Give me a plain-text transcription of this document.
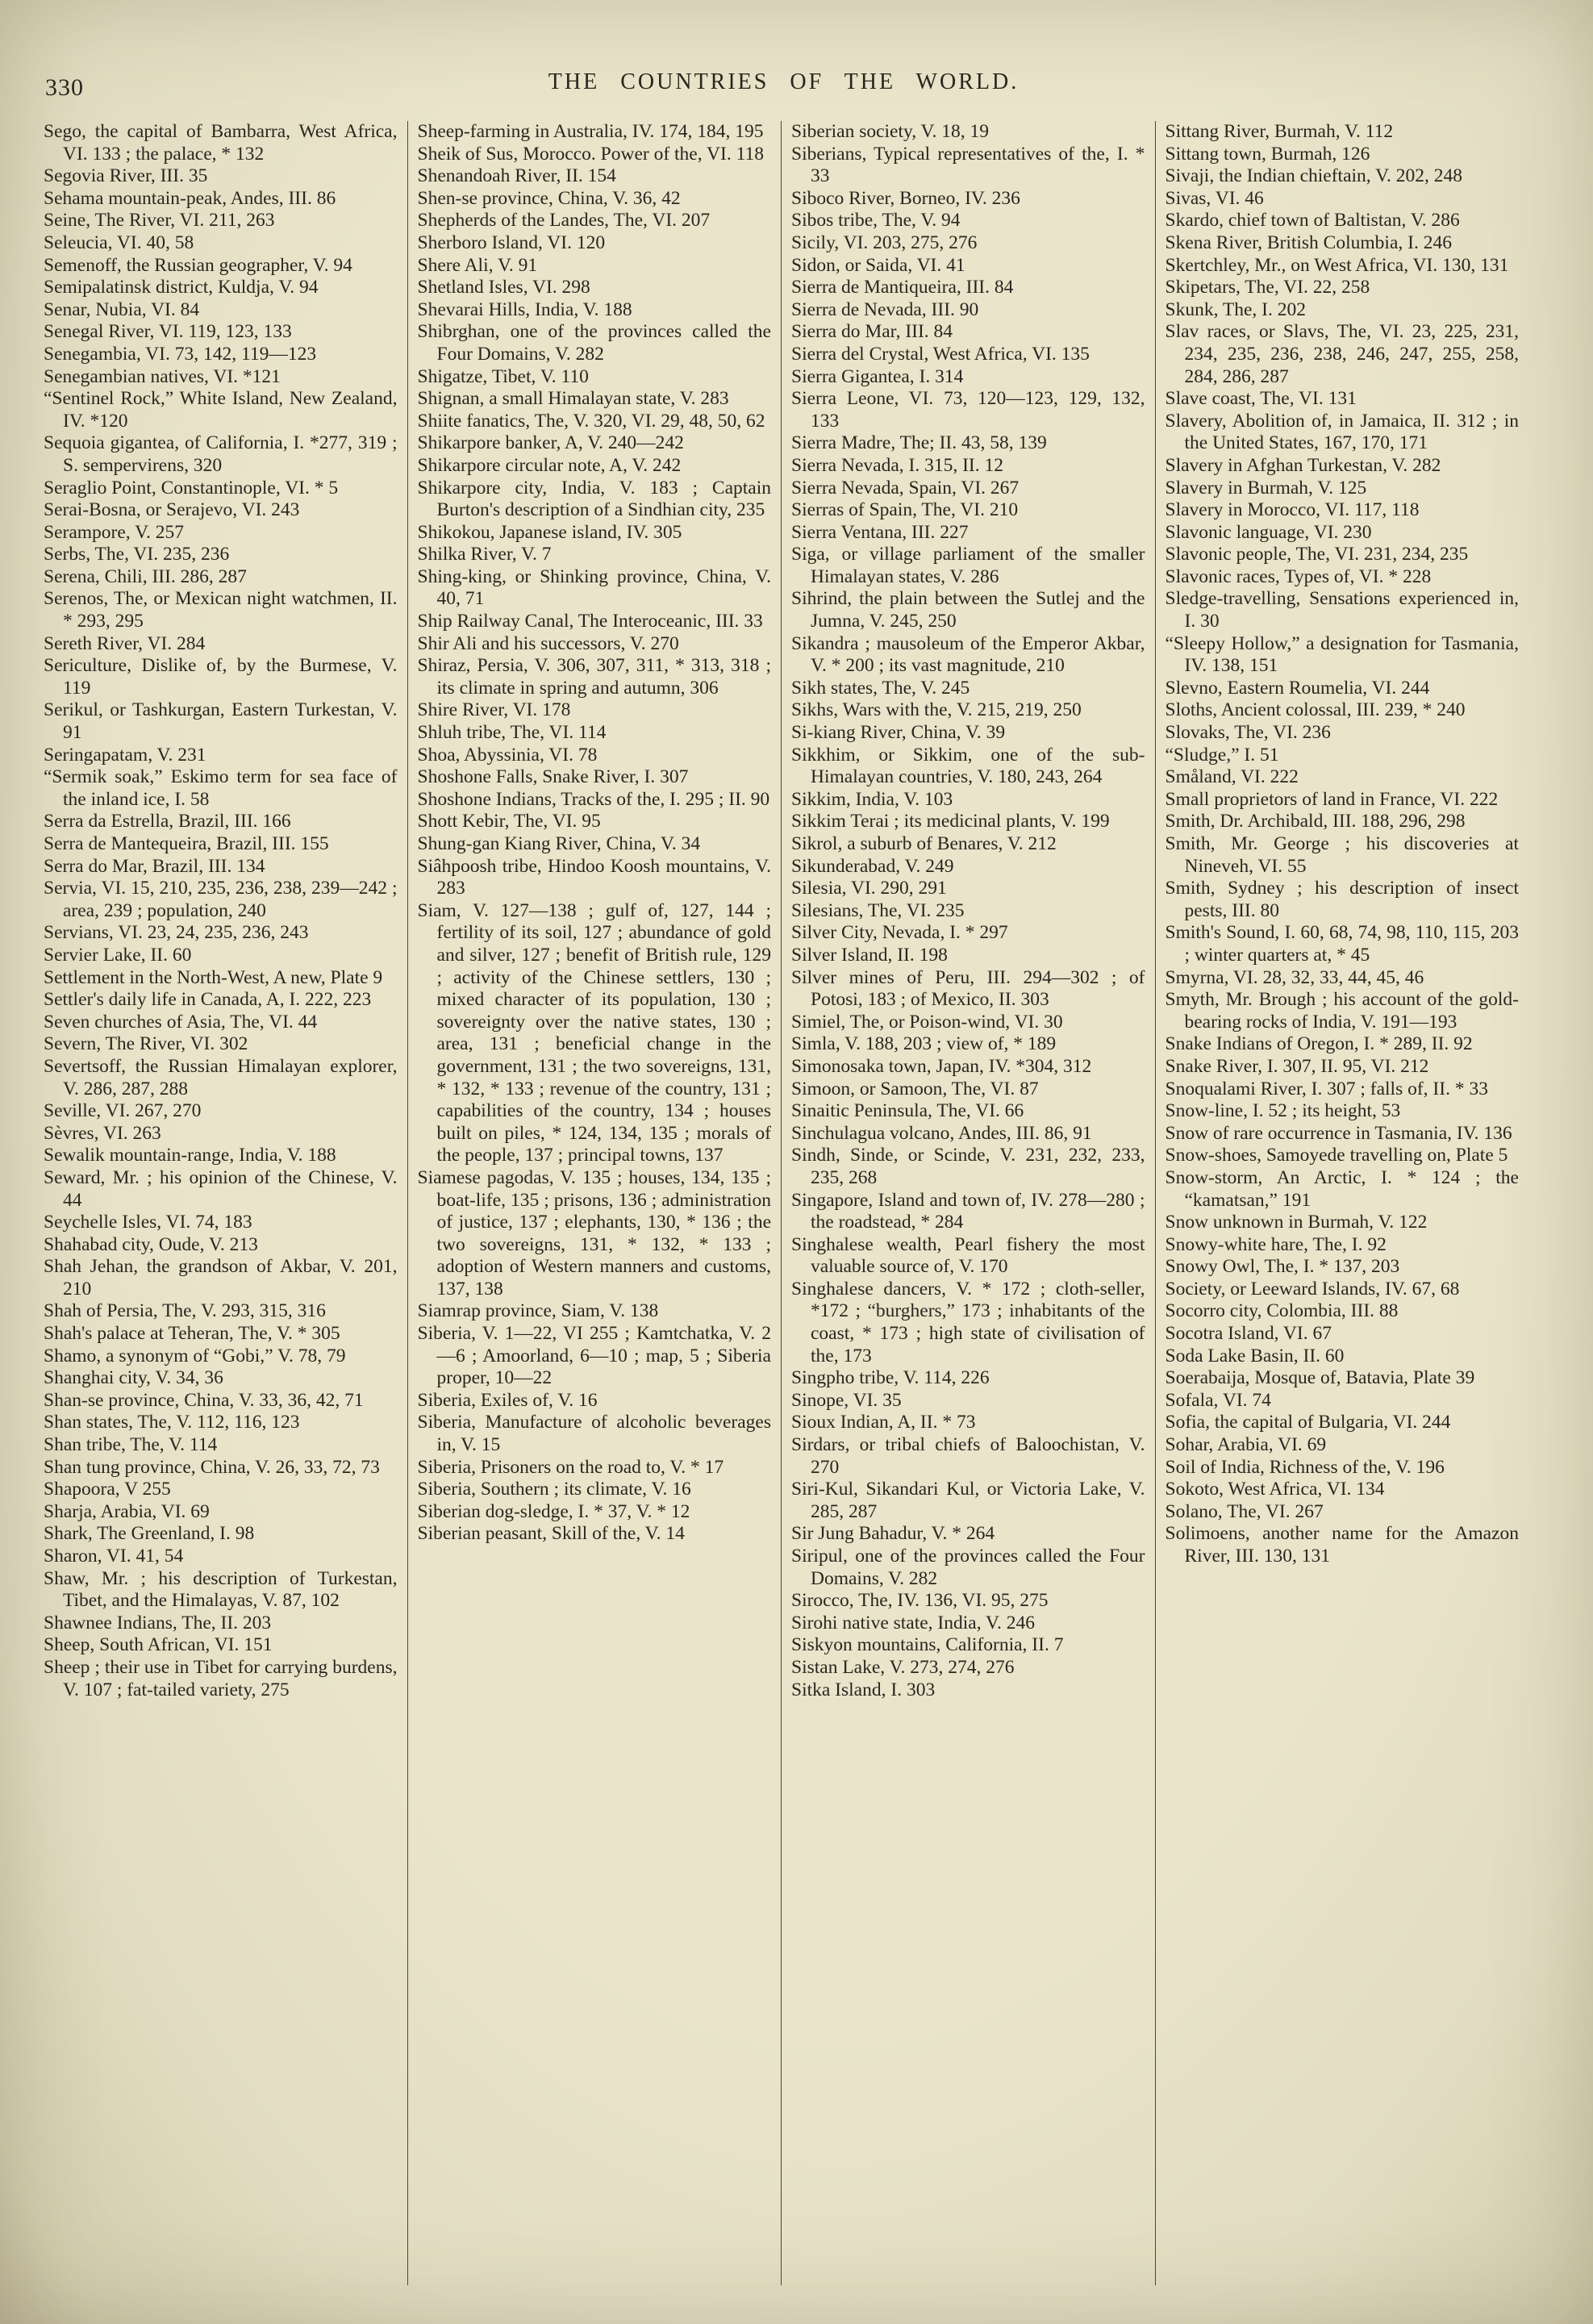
330	THE COUNTRIES OF THE WORLD.

Sego, the capital of Bambarra, West Africa, VI. 133 ; the palace, * 132

Segovia River, III. 35

Sehama mountain-peak, Andes, III. 86

Seine, The River, VI. 211, 263

Seleucia, VI. 40, 58

Semenoff, the Russian geographer, V. 94

Semipalatinsk district, Kuldja, V. 94

Senar, Nubia, VI. 84

Senegal River, VI. 119, 123, 133

Senegambia, VI. 73, 142, 119—123

Senegambian natives, VI. *121

“Sentinel Rock,” White Island, New Zealand, IV. *120

Sequoia gigantea, of California, I. *277, 319 ; S. sempervirens, 320

Seraglio Point, Constantinople, VI. * 5

Serai-Bosna, or Serajevo, VI. 243

Serampore, V. 257

Serbs, The, VI. 235, 236

Serena, Chili, III. 286, 287

Serenos, The, or Mexican night watchmen, II. * 293, 295

Sereth River, VI. 284

Sericulture, Dislike of, by the Burmese, V. 119

Serikul, or Tashkurgan, Eastern Turkestan, V. 91

Seringapatam, V. 231

“Sermik soak,” Eskimo term for sea face of the inland ice, I. 58

Serra da Estrella, Brazil, III. 166

Serra de Mantequeira, Brazil, III. 155

Serra do Mar, Brazil, III. 134

Servia, VI. 15, 210, 235, 236, 238, 239—242 ; area, 239 ; population, 240

Servians, VI. 23, 24, 235, 236, 243

Servier Lake, II. 60

Settlement in the North-West, A new, Plate 9

Settler's daily life in Canada, A, I. 222, 223

Seven churches of Asia, The, VI. 44

Severn, The River, VI. 302

Severtsoff, the Russian Himalayan explorer, V. 286, 287, 288

Seville, VI. 267, 270

Sèvres, VI. 263

Sewalik mountain-range, India, V. 188

Seward, Mr. ; his opinion of the Chinese, V. 44

Seychelle Isles, VI. 74, 183

Shahabad city, Oude, V. 213

Shah Jehan, the grandson of Akbar, V. 201, 210

Shah of Persia, The, V. 293, 315, 316

Shah's palace at Teheran, The, V. * 305

Shamo, a synonym of “Gobi,” V. 78, 79

Shanghai city, V. 34, 36

Shan-se province, China, V. 33, 36, 42, 71

Shan states, The, V. 112, 116, 123

Shan tribe, The, V. 114

Shan tung province, China, V. 26, 33, 72, 73

Shapoora, V 255

Sharja, Arabia, VI. 69

Shark, The Greenland, I. 98

Sharon, VI. 41, 54

Shaw, Mr. ; his description of Turkestan, Tibet, and the Himalayas, V. 87, 102

Shawnee Indians, The, II. 203

Sheep, South African, VI. 151

Sheep ; their use in Tibet for carrying burdens, V. 107 ; fat-tailed variety, 275

Sheep-farming in Australia, IV. 174, 184, 195

Sheik of Sus, Morocco. Power of the, VI. 118

Shenandoah River, II. 154

Shen-se province, China, V. 36, 42

Shepherds of the Landes, The, VI. 207

Sherboro Island, VI. 120

Shere Ali, V. 91

Shetland Isles, VI. 298

Shevarai Hills, India, V. 188

Shibrghan, one of the provinces called the Four Domains, V. 282

Shigatze, Tibet, V. 110

Shignan, a small Himalayan state, V. 283

Shiite fanatics, The, V. 320, VI. 29, 48, 50, 62

Shikarpore banker, A, V. 240—242

Shikarpore circular note, A, V. 242

Shikarpore city, India, V. 183 ; Captain Burton's description of a Sindhian city, 235

Shikokou, Japanese island, IV. 305

Shilka River, V. 7

Shing-king, or Shinking province, China, V. 40, 71

Ship Railway Canal, The Interoceanic, III. 33

Shir Ali and his successors, V. 270

Shiraz, Persia, V. 306, 307, 311, * 313, 318 ; its climate in spring and autumn, 306

Shire River, VI. 178

Shluh tribe, The, VI. 114

Shoa, Abyssinia, VI. 78

Shoshone Falls, Snake River, I. 307

Shoshone Indians, Tracks of the, I. 295 ; II. 90

Shott Kebir, The, VI. 95

Shung-gan Kiang River, China, V. 34

Siâhpoosh tribe, Hindoo Koosh mountains, V. 283

Siam, V. 127—138 ; gulf of, 127, 144 ; fertility of its soil, 127 ; abundance of gold and silver, 127 ; benefit of British rule, 129 ; activity of the Chinese settlers, 130 ; mixed character of its population, 130 ; sovereignty over the native states, 130 ; area, 131 ; beneficial change in the government, 131 ; the two sovereigns, 131, * 132, * 133 ; revenue of the country, 131 ; capabilities of the country, 134 ; houses built on piles, * 124, 134, 135 ; morals of the people, 137 ; principal towns, 137

Siamese pagodas, V. 135 ; houses, 134, 135 ; boat-life, 135 ; prisons, 136 ; administration of justice, 137 ; elephants, 130, * 136 ; the two sovereigns, 131, * 132, * 133 ; adoption of Western manners and customs, 137, 138

Siamrap province, Siam, V. 138

Siberia, V. 1—22, VI 255 ; Kamtchatka, V. 2—6 ; Amoorland, 6—10 ; map, 5 ; Siberia proper, 10—22

Siberia, Exiles of, V. 16

Siberia, Manufacture of alcoholic beverages in, V. 15

Siberia, Prisoners on the road to, V. * 17

Siberia, Southern ; its climate, V. 16

Siberian dog-sledge, I. * 37, V. * 12

Siberian peasant, Skill of the, V. 14

Siberian society, V. 18, 19

Siberians, Typical representatives of the, I. * 33

Siboco River, Borneo, IV. 236

Sibos tribe, The, V. 94

Sicily, VI. 203, 275, 276

Sidon, or Saida, VI. 41

Sierra de Mantiqueira, III. 84

Sierra de Nevada, III. 90

Sierra do Mar, III. 84

Sierra del Crystal, West Africa, VI. 135

Sierra Gigantea, I. 314

Sierra Leone, VI. 73, 120—123, 129, 132, 133

Sierra Madre, The; II. 43, 58, 139

Sierra Nevada, I. 315, II. 12

Sierra Nevada, Spain, VI. 267

Sierras of Spain, The, VI. 210

Sierra Ventana, III. 227

Siga, or village parliament of the smaller Himalayan states, V. 286

Sihrind, the plain between the Sutlej and the Jumna, V. 245, 250

Sikandra ; mausoleum of the Emperor Akbar, V. * 200 ; its vast magnitude, 210

Sikh states, The, V. 245

Sikhs, Wars with the, V. 215, 219, 250

Si-kiang River, China, V. 39

Sikkhim, or Sikkim, one of the sub-Himalayan countries, V. 180, 243, 264

Sikkim, India, V. 103

Sikkim Terai ; its medicinal plants, V. 199

Sikrol, a suburb of Benares, V. 212

Sikunderabad, V. 249

Silesia, VI. 290, 291

Silesians, The, VI. 235

Silver City, Nevada, I. * 297

Silver Island, II. 198

Silver mines of Peru, III. 294—302 ; of Potosi, 183 ; of Mexico, II. 303

Simiel, The, or Poison-wind, VI. 30

Simla, V. 188, 203 ; view of, * 189

Simonosaka town, Japan, IV. *304, 312

Simoon, or Samoon, The, VI. 87

Sinaitic Peninsula, The, VI. 66

Sinchulagua volcano, Andes, III. 86, 91

Sindh, Sinde, or Scinde, V. 231, 232, 233, 235, 268

Singapore, Island and town of, IV. 278—280 ; the roadstead, * 284

Singhalese wealth, Pearl fishery the most valuable source of, V. 170

Singhalese dancers, V. * 172 ; cloth-seller, *172 ; “burghers,” 173 ; inhabitants of the coast, * 173 ; high state of civilisation of the, 173

Singpho tribe, V. 114, 226

Sinope, VI. 35

Sioux Indian, A, II. * 73

Sirdars, or tribal chiefs of Baloochistan, V. 270

Siri-Kul, Sikandari Kul, or Victoria Lake, V. 285, 287

Sir Jung Bahadur, V. * 264

Siripul, one of the provinces called the Four Domains, V. 282

Sirocco, The, IV. 136, VI. 95, 275

Sirohi native state, India, V. 246

Siskyon mountains, California, II. 7

Sistan Lake, V. 273, 274, 276

Sitka Island, I. 303

Sittang River, Burmah, V. 112

Sittang town, Burmah, 126

Sivaji, the Indian chieftain, V. 202, 248

Sivas, VI. 46

Skardo, chief town of Baltistan, V. 286

Skena River, British Columbia, I. 246

Skertchley, Mr., on West Africa, VI. 130, 131

Skipetars, The, VI. 22, 258

Skunk, The, I. 202

Slav races, or Slavs, The, VI. 23, 225, 231, 234, 235, 236, 238, 246, 247, 255, 258, 284, 286, 287

Slave coast, The, VI. 131

Slavery, Abolition of, in Jamaica, II. 312 ; in the United States, 167, 170, 171

Slavery in Afghan Turkestan, V. 282

Slavery in Burmah, V. 125

Slavery in Morocco, VI. 117, 118

Slavonic language, VI. 230

Slavonic people, The, VI. 231, 234, 235

Slavonic races, Types of, VI. * 228

Sledge-travelling, Sensations experienced in, I. 30

“Sleepy Hollow,” a designation for Tasmania, IV. 138, 151

Slevno, Eastern Roumelia, VI. 244

Sloths, Ancient colossal, III. 239, * 240

Slovaks, The, VI. 236

“Sludge,” I. 51

Småland, VI. 222

Small proprietors of land in France, VI. 222

Smith, Dr. Archibald, III. 188, 296, 298

Smith, Mr. George ; his discoveries at Nineveh, VI. 55

Smith, Sydney ; his description of insect pests, III. 80

Smith's Sound, I. 60, 68, 74, 98, 110, 115, 203 ; winter quarters at, * 45

Smyrna, VI. 28, 32, 33, 44, 45, 46

Smyth, Mr. Brough ; his account of the gold-bearing rocks of India, V. 191—193

Snake Indians of Oregon, I. * 289, II. 92

Snake River, I. 307, II. 95, VI. 212

Snoqualami River, I. 307 ; falls of, II. * 33

Snow-line, I. 52 ; its height, 53

Snow of rare occurrence in Tasmania, IV. 136

Snow-shoes, Samoyede travelling on, Plate 5

Snow-storm, An Arctic, I. * 124 ; the “kamatsan,” 191

Snow unknown in Burmah, V. 122

Snowy-white hare, The, I. 92

Snowy Owl, The, I. * 137, 203

Society, or Leeward Islands, IV. 67, 68

Socorro city, Colombia, III. 88

Socotra Island, VI. 67

Soda Lake Basin, II. 60

Soerabaija, Mosque of, Batavia, Plate 39

Sofala, VI. 74

Sofia, the capital of Bulgaria, VI. 244

Sohar, Arabia, VI. 69

Soil of India, Richness of the, V. 196

Sokoto, West Africa, VI. 134

Solano, The, VI. 267

Solimoens, another name for the Amazon River, III. 130, 131
